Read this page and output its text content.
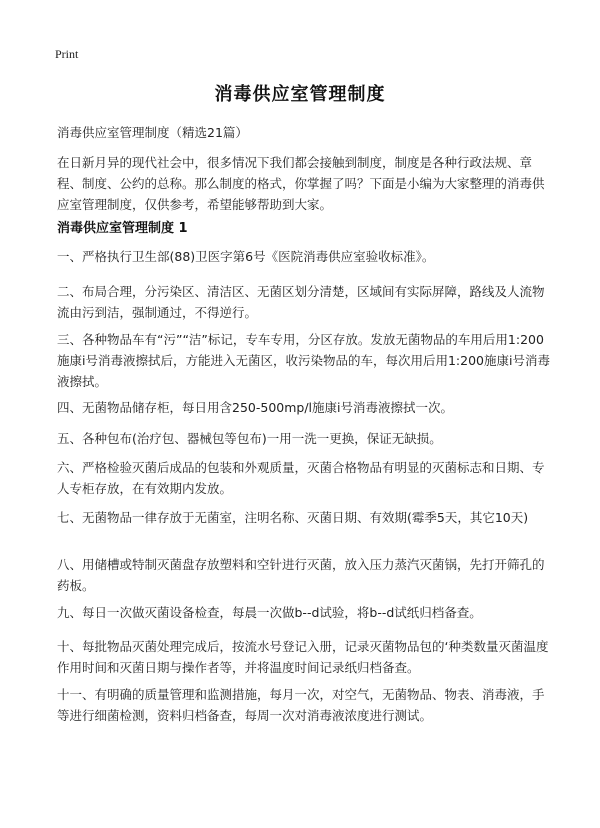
Print
消毒供应室管理制度
消毒供应室管理制度（精选21篇）
在日新月异的现代社会中，很多情况下我们都会接触到制度，制度是各种行政法规、章程、制度、公约的总称。那么制度的格式，你掌握了吗？下面是小编为大家整理的消毒供应室管理制度，仅供参考，希望能够帮助到大家。
消毒供应室管理制度 1
一、严格执行卫生部(88)卫医字第6号《医院消毒供应室验收标准》。
二、布局合理，分污染区、清洁区、无菌区划分清楚，区域间有实际屏障，路线及人流物流由污到洁，强制通过，不得逆行。
三、各种物品车有“污”“洁”标记，专车专用，分区存放。发放无菌物品的车用后用1:200施康i号消毒液擦拭后，方能进入无菌区，收污染物品的车，每次用后用1:200施康i号消毒液擦拭。
四、无菌物品储存柜，每日用含250-500mp/l施康i号消毒液擦拭一次。
五、各种包布(治疗包、器械包等包布)一用一洗一更换，保证无缺损。
六、严格检验灭菌后成品的包装和外观质量，灭菌合格物品有明显的灭菌标志和日期、专人专柜存放，在有效期内发放。
七、无菌物品一律存放于无菌室，注明名称、灭菌日期、有效期(霉季5天，其它10天)
八、用储槽或特制灭菌盘存放塑料和空针进行灭菌，放入压力蒸汽灭菌锅，先打开筛孔的药板。
九、每日一次做灭菌设备检查，每晨一次做b--d试验，将b--d试纸归档备查。
十、每批物品灭菌处理完成后，按流水号登记入册，记录灭菌物品包的‘种类数量灭菌温度作用时间和灭菌日期与操作者等，并将温度时间记录纸归档备查。
十一、有明确的质量管理和监测措施，每月一次，对空气，无菌物品、物表、消毒液，手等进行细菌检测，资料归档备查，每周一次对消毒液浓度进行测试。
